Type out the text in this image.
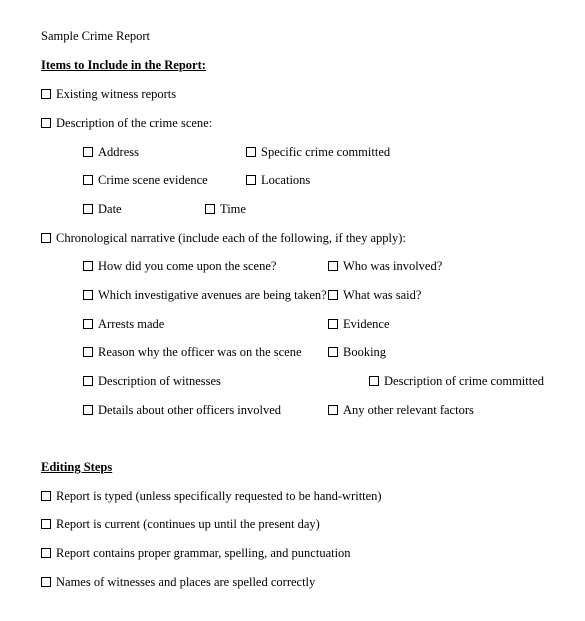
Sample Crime Report
Items to Include in the Report:
Existing witness reports
Description of the crime scene:
Address	Specific crime committed
Crime scene evidence	Locations
Date	Time
Chronological narrative (include each of the following, if they apply):
How did you come upon the scene?	Who was involved?
Which investigative avenues are being taken?	What was said?
Arrests made	Evidence
Reason why the officer was on the scene	Booking
Description of witnesses	Description of crime committed
Details about other officers involved	Any other relevant factors
Editing Steps
Report is typed (unless specifically requested to be hand-written)
Report is current (continues up until the present day)
Report contains proper grammar, spelling, and punctuation
Names of witnesses and places are spelled correctly
